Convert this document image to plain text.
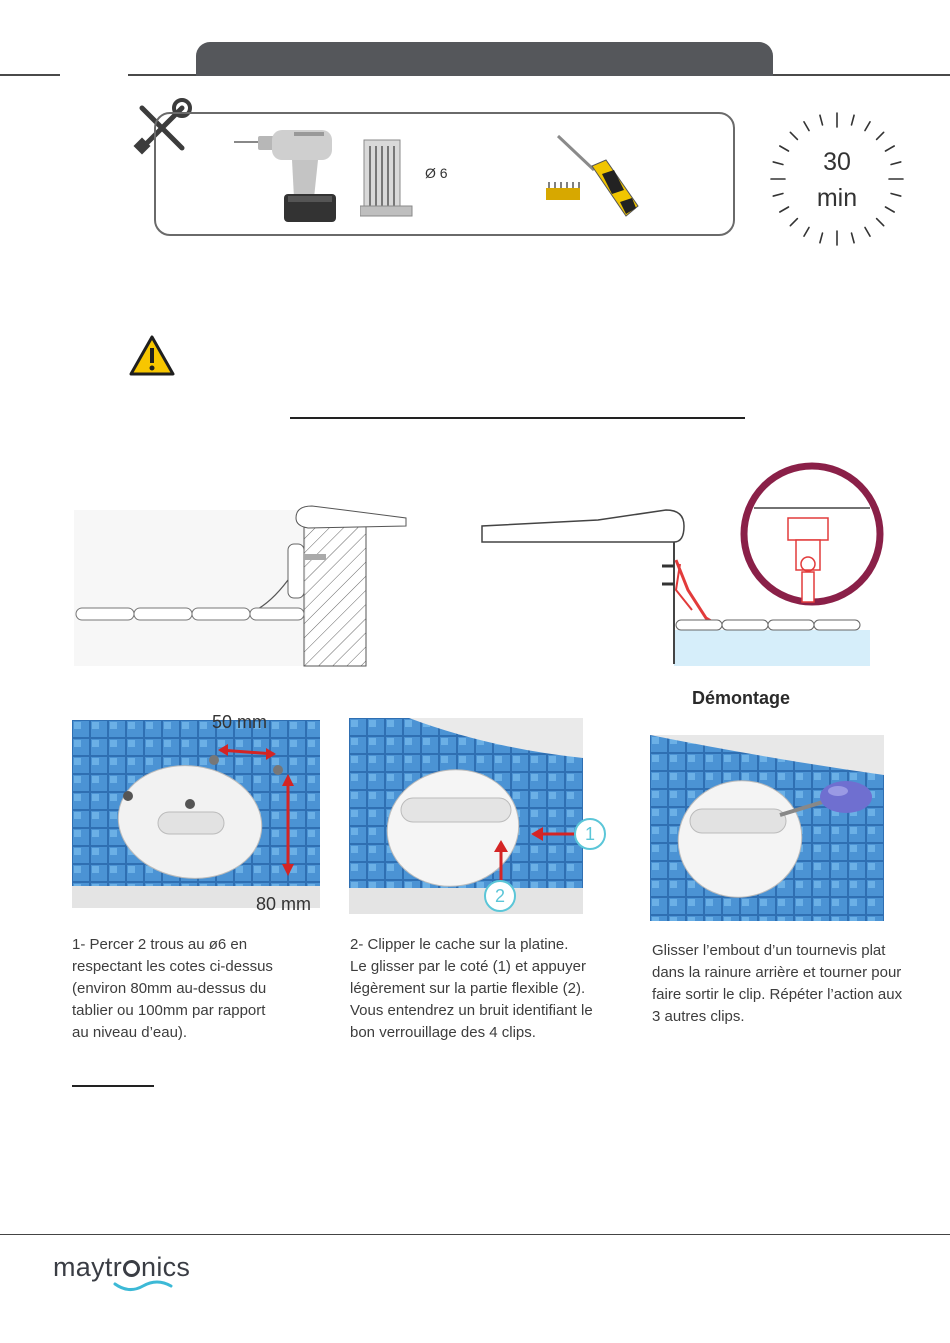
Ø 6	30
min
50 mm
80 mm
1- Percer 2 trous au ø6 en
respectant les cotes ci-dessus
(environ 80mm au-dessus du
tablier ou 100mm par rapport
au niveau d’eau).
1
2
2- Clipper le cache sur la platine.
Le glisser par le coté (1) et appuyer
légèrement sur la partie flexible (2).
Vous entendrez un bruit identifiant le
bon verrouillage des 4 clips.
Démontage
Glisser l’embout d’un tournevis plat
dans la rainure arrière et tourner pour
faire sortir le clip. Répéter l’action aux
3 autres clips.
maytr nics
